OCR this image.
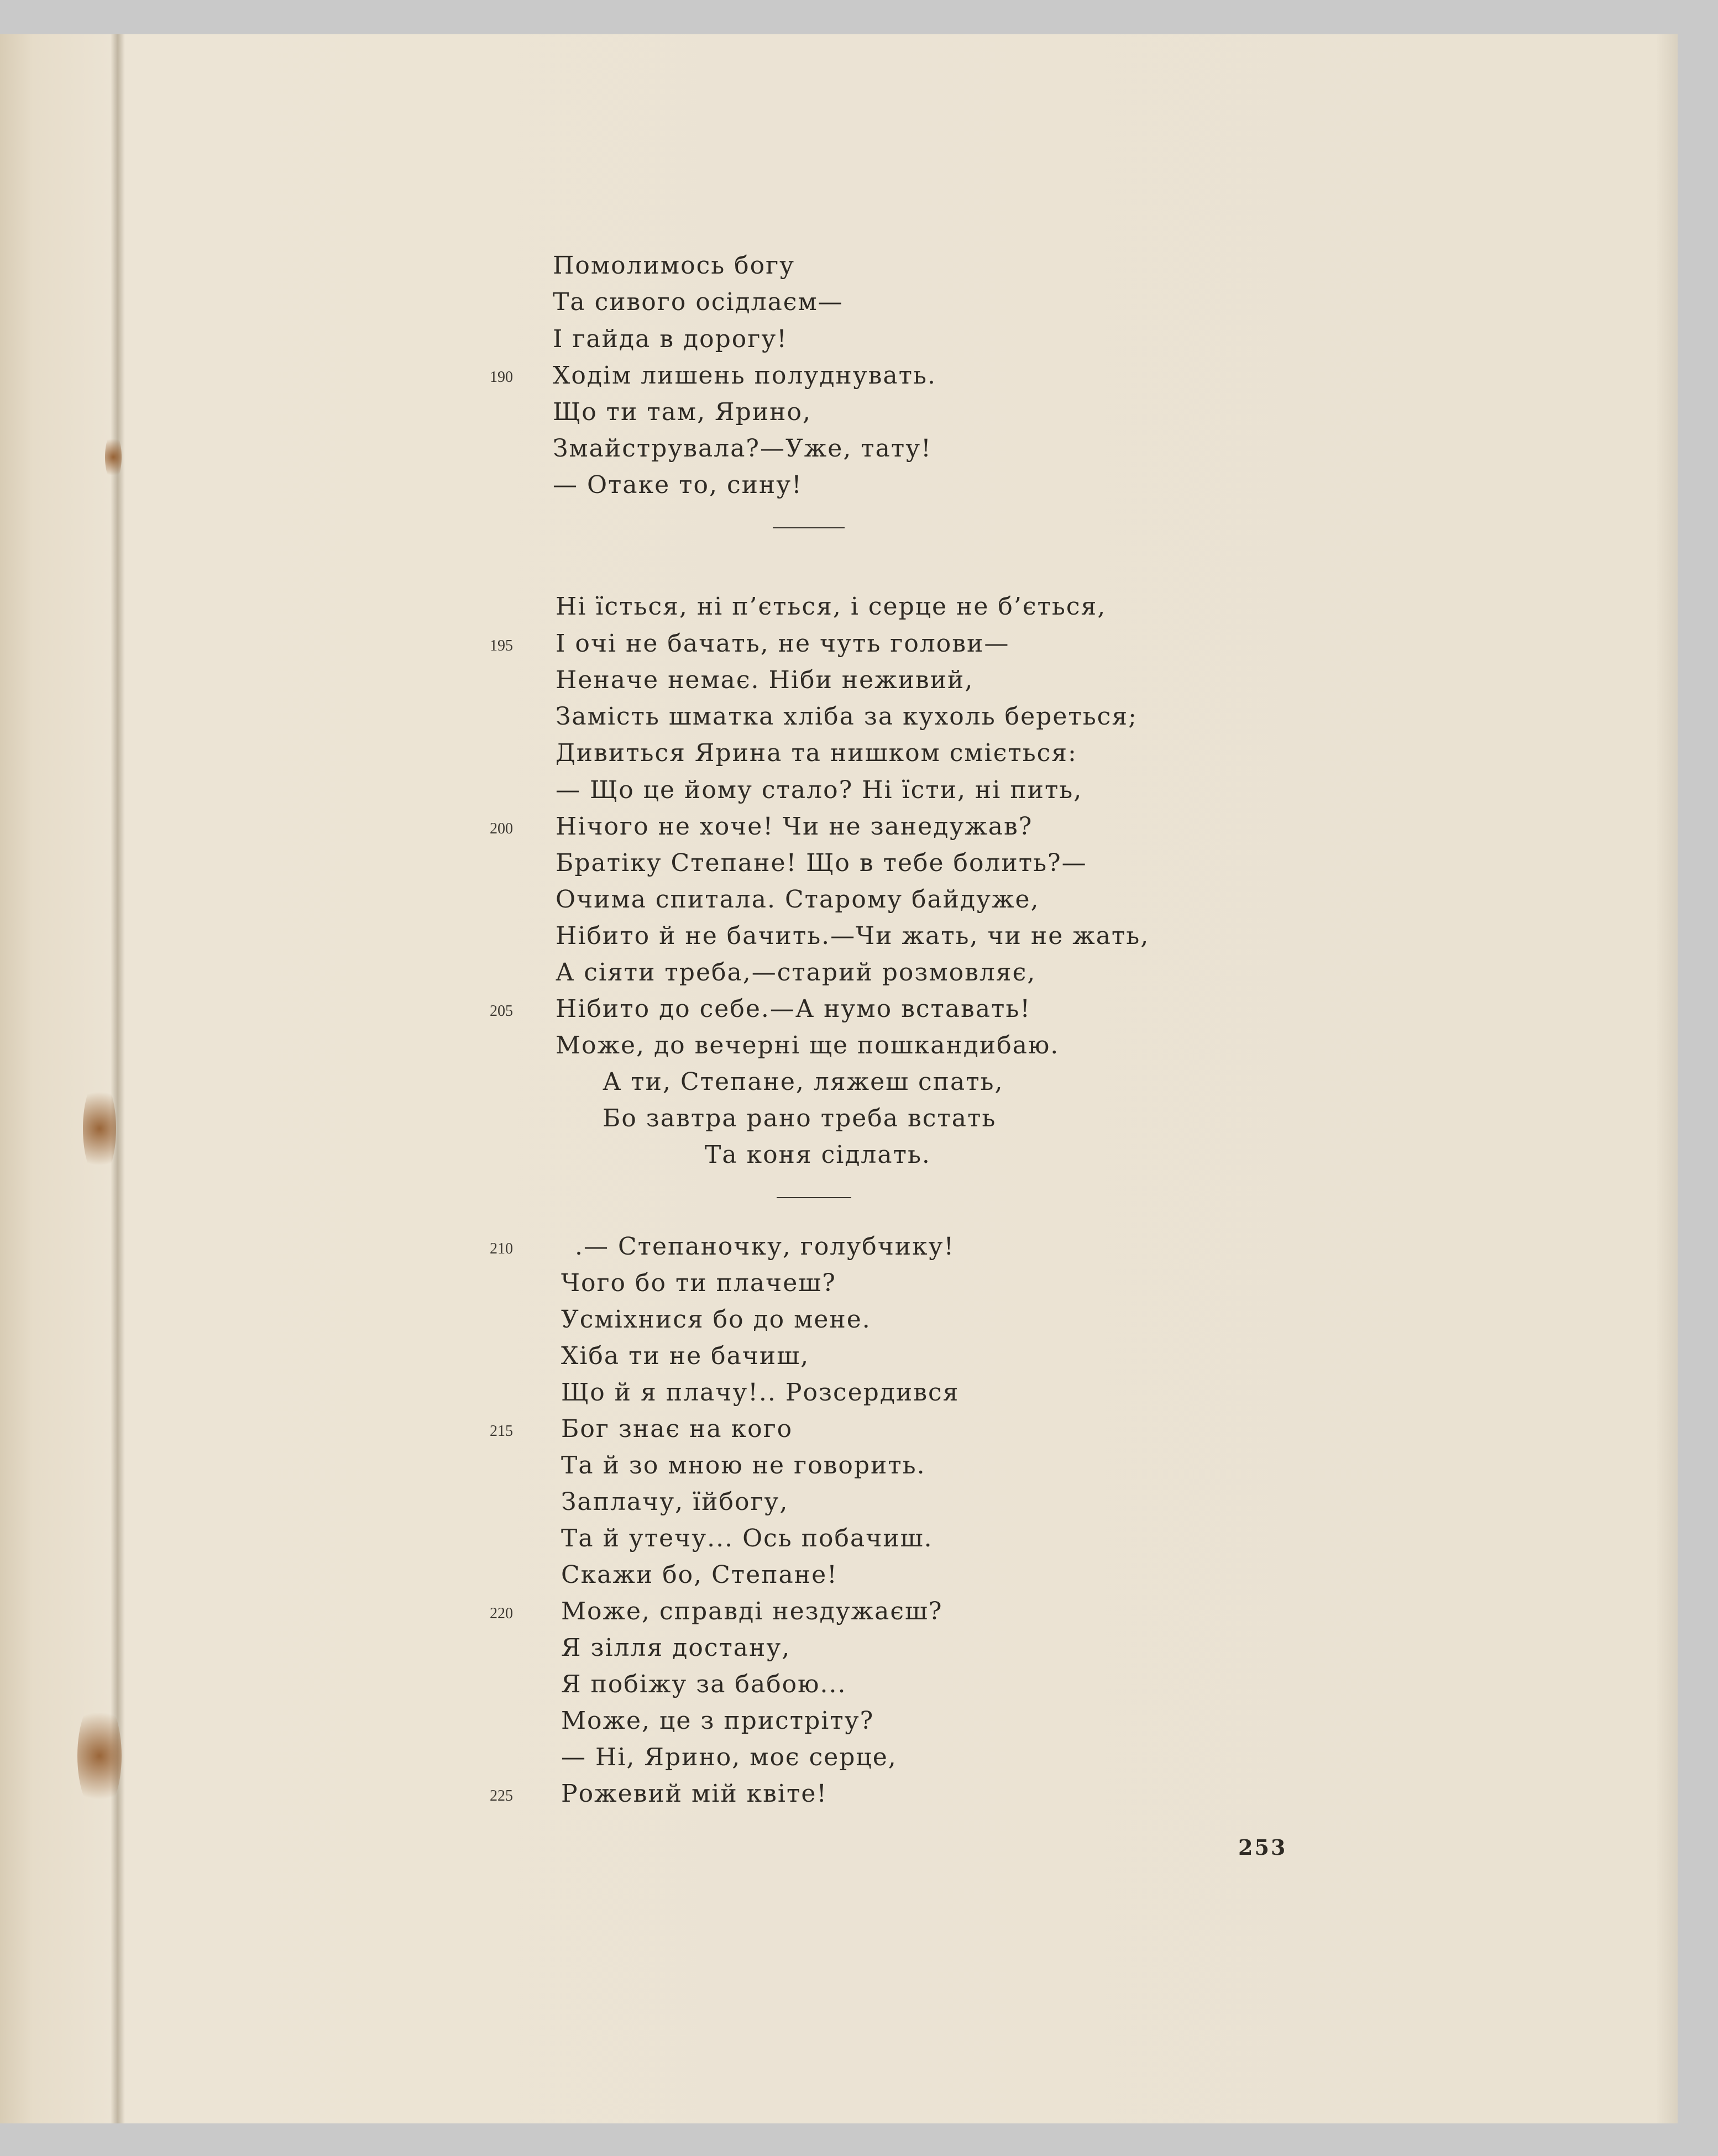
Помолимось богу
Та сивого осідлаєм—
І гайда в дорогу!
190 Ходім лишень полуднувать.
Що ти там, Ярино,
Змайструвала?—Уже, тату!
— Отаке то, сину!
Ні їсться, ні п’ється, і серце не б’ється,
195 І очі не бачать, не чуть голови—
Неначе немає. Ніби неживий,
Замість шматка хліба за кухоль береться;
Дивиться Ярина та нишком сміється:
— Що це йому стало? Ні їсти, ні пить,
200 Нічого не хоче! Чи не занедужав?
Братіку Степане! Що в тебе болить?—
Очима спитала. Старому байдуже,
Нібито й не бачить.—Чи жать, чи не жать,
А сіяти треба,—старий розмовляє,
205 Нібито до себе.—А нумо вставать!
Може, до вечерні ще пошкандибаю.
А ти, Степане, ляжеш спать,
Бо завтра рано треба встать
Та коня сідлать.
210	.— Степаночку, голубчику!
Чого бо ти плачеш?
Усміхнися бо до мене.
Хіба ти не бачиш,
Що й я плачу!.. Розсердився
215 Бог знає на кого
Та й зо мною не говорить.
Заплачу, їйбогу,
Та й утечу... Ось побачиш.
Скажи бо, Степане!
220 Може, справді нездужаєш?
Я зілля достану,
Я побіжу за бабою...
Може, це з пристріту?
— Ні, Ярино, моє серце,
225 Рожевий мій квіте!
253
